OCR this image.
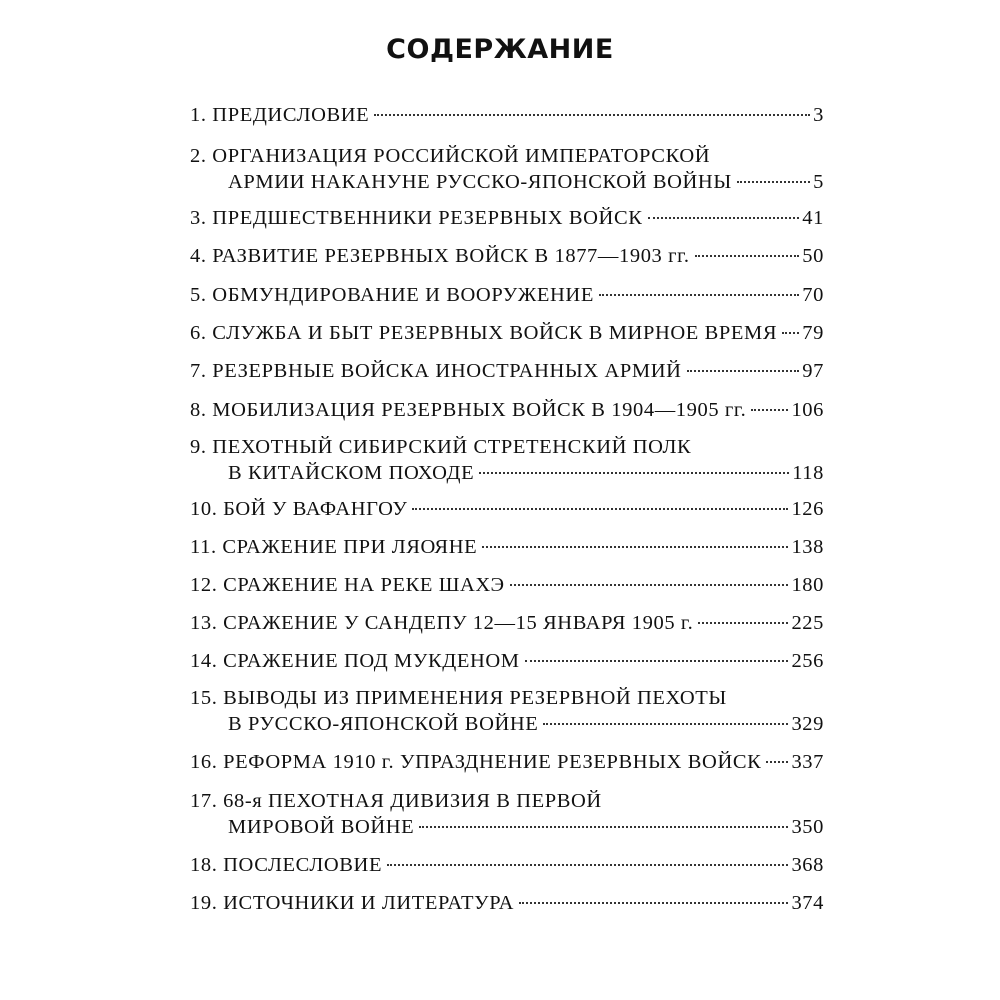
СОДЕРЖАНИЕ
1. ПРЕДИСЛОВИЕ	3
2. ОРГАНИЗАЦИЯ РОССИЙСКОЙ ИМПЕРАТОРСКОЙ
АРМИИ НАКАНУНЕ РУССКО-ЯПОНСКОЙ ВОЙНЫ	5
3. ПРЕДШЕСТВЕННИКИ РЕЗЕРВНЫХ ВОЙСК	41
4. РАЗВИТИЕ РЕЗЕРВНЫХ ВОЙСК В 1877—1903 гг.	50
5. ОБМУНДИРОВАНИЕ И ВООРУЖЕНИЕ	70
6. СЛУЖБА И БЫТ РЕЗЕРВНЫХ ВОЙСК В МИРНОЕ ВРЕМЯ 79
7. РЕЗЕРВНЫЕ ВОЙСКА ИНОСТРАННЫХ АРМИЙ	97
8. МОБИЛИЗАЦИЯ РЕЗЕРВНЫХ ВОЙСК В 1904—1905 гг. 106
9. ПЕХОТНЫЙ СИБИРСКИЙ СТРЕТЕНСКИЙ ПОЛК
В КИТАЙСКОМ ПОХОДЕ	118
10. БОЙ У ВАФАНГОУ	126
11. СРАЖЕНИЕ ПРИ ЛЯОЯНЕ	138
12. СРАЖЕНИЕ НА РЕКЕ ШАХЭ	180
13. СРАЖЕНИЕ У САНДЕПУ 12—15 ЯНВАРЯ 1905 г.	225
14. СРАЖЕНИЕ ПОД МУКДЕНОМ	256
15. ВЫВОДЫ ИЗ ПРИМЕНЕНИЯ РЕЗЕРВНОЙ ПЕХОТЫ
В РУССКО-ЯПОНСКОЙ ВОЙНЕ	329
16. РЕФОРМА 1910 г. УПРАЗДНЕНИЕ РЕЗЕРВНЫХ ВОЙСК 337
17. 68-я ПЕХОТНАЯ ДИВИЗИЯ В ПЕРВОЙ
МИРОВОЙ ВОЙНЕ	350
18. ПОСЛЕСЛОВИЕ	368
19. ИСТОЧНИКИ И ЛИТЕРАТУРА	374
